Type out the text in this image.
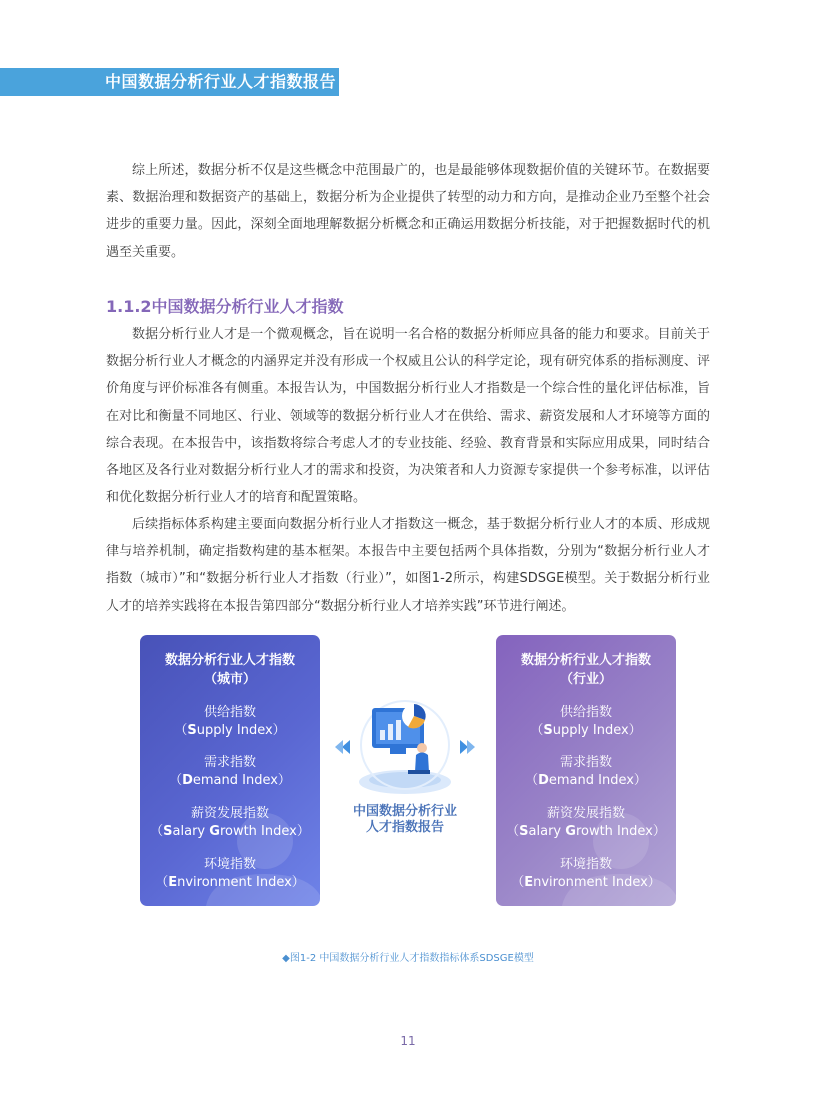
中国数据分析行业人才指数报告

综上所述，数据分析不仅是这些概念中范围最广的，也是最能够体现数据价值的关键环节。在数据要素、数据治理和数据资产的基础上，数据分析为企业提供了转型的动力和方向，是推动企业乃至整个社会进步的重要力量。因此，深刻全面地理解数据分析概念和正确运用数据分析技能，对于把握数据时代的机遇至关重要。

1.1.2中国数据分析行业人才指数

数据分析行业人才是一个微观概念，旨在说明一名合格的数据分析师应具备的能力和要求。目前关于数据分析行业人才概念的内涵界定并没有形成一个权威且公认的科学定论，现有研究体系的指标测度、评价角度与评价标准各有侧重。本报告认为，中国数据分析行业人才指数是一个综合性的量化评估标准，旨在对比和衡量不同地区、行业、领域等的数据分析行业人才在供给、需求、薪资发展和人才环境等方面的综合表现。在本报告中，该指数将综合考虑人才的专业技能、经验、教育背景和实际应用成果，同时结合各地区及各行业对数据分析行业人才的需求和投资，为决策者和人力资源专家提供一个参考标准，以评估和优化数据分析行业人才的培育和配置策略。

后续指标体系构建主要面向数据分析行业人才指数这一概念，基于数据分析行业人才的本质、形成规律与培养机制，确定指数构建的基本框架。本报告中主要包括两个具体指数，分别为“数据分析行业人才指数（城市）”和“数据分析行业人才指数（行业）”，如图1-2所示，构建SDSGE模型。关于数据分析行业人才的培养实践将在本报告第四部分“数据分析行业人才培养实践”环节进行阐述。

数据分析行业人才指数
（城市）
供给指数
（Supply Index）
需求指数
（Demand Index）
薪资发展指数
（Salary Growth Index）
环境指数
（Environment Index）
中国数据分析行业
人才指数报告
数据分析行业人才指数
（行业）
供给指数
（Supply Index）
需求指数
（Demand Index）
薪资发展指数
（Salary Growth Index）
环境指数
（Environment Index）
◆图1-2 中国数据分析行业人才指数指标体系SDSGE模型
11
